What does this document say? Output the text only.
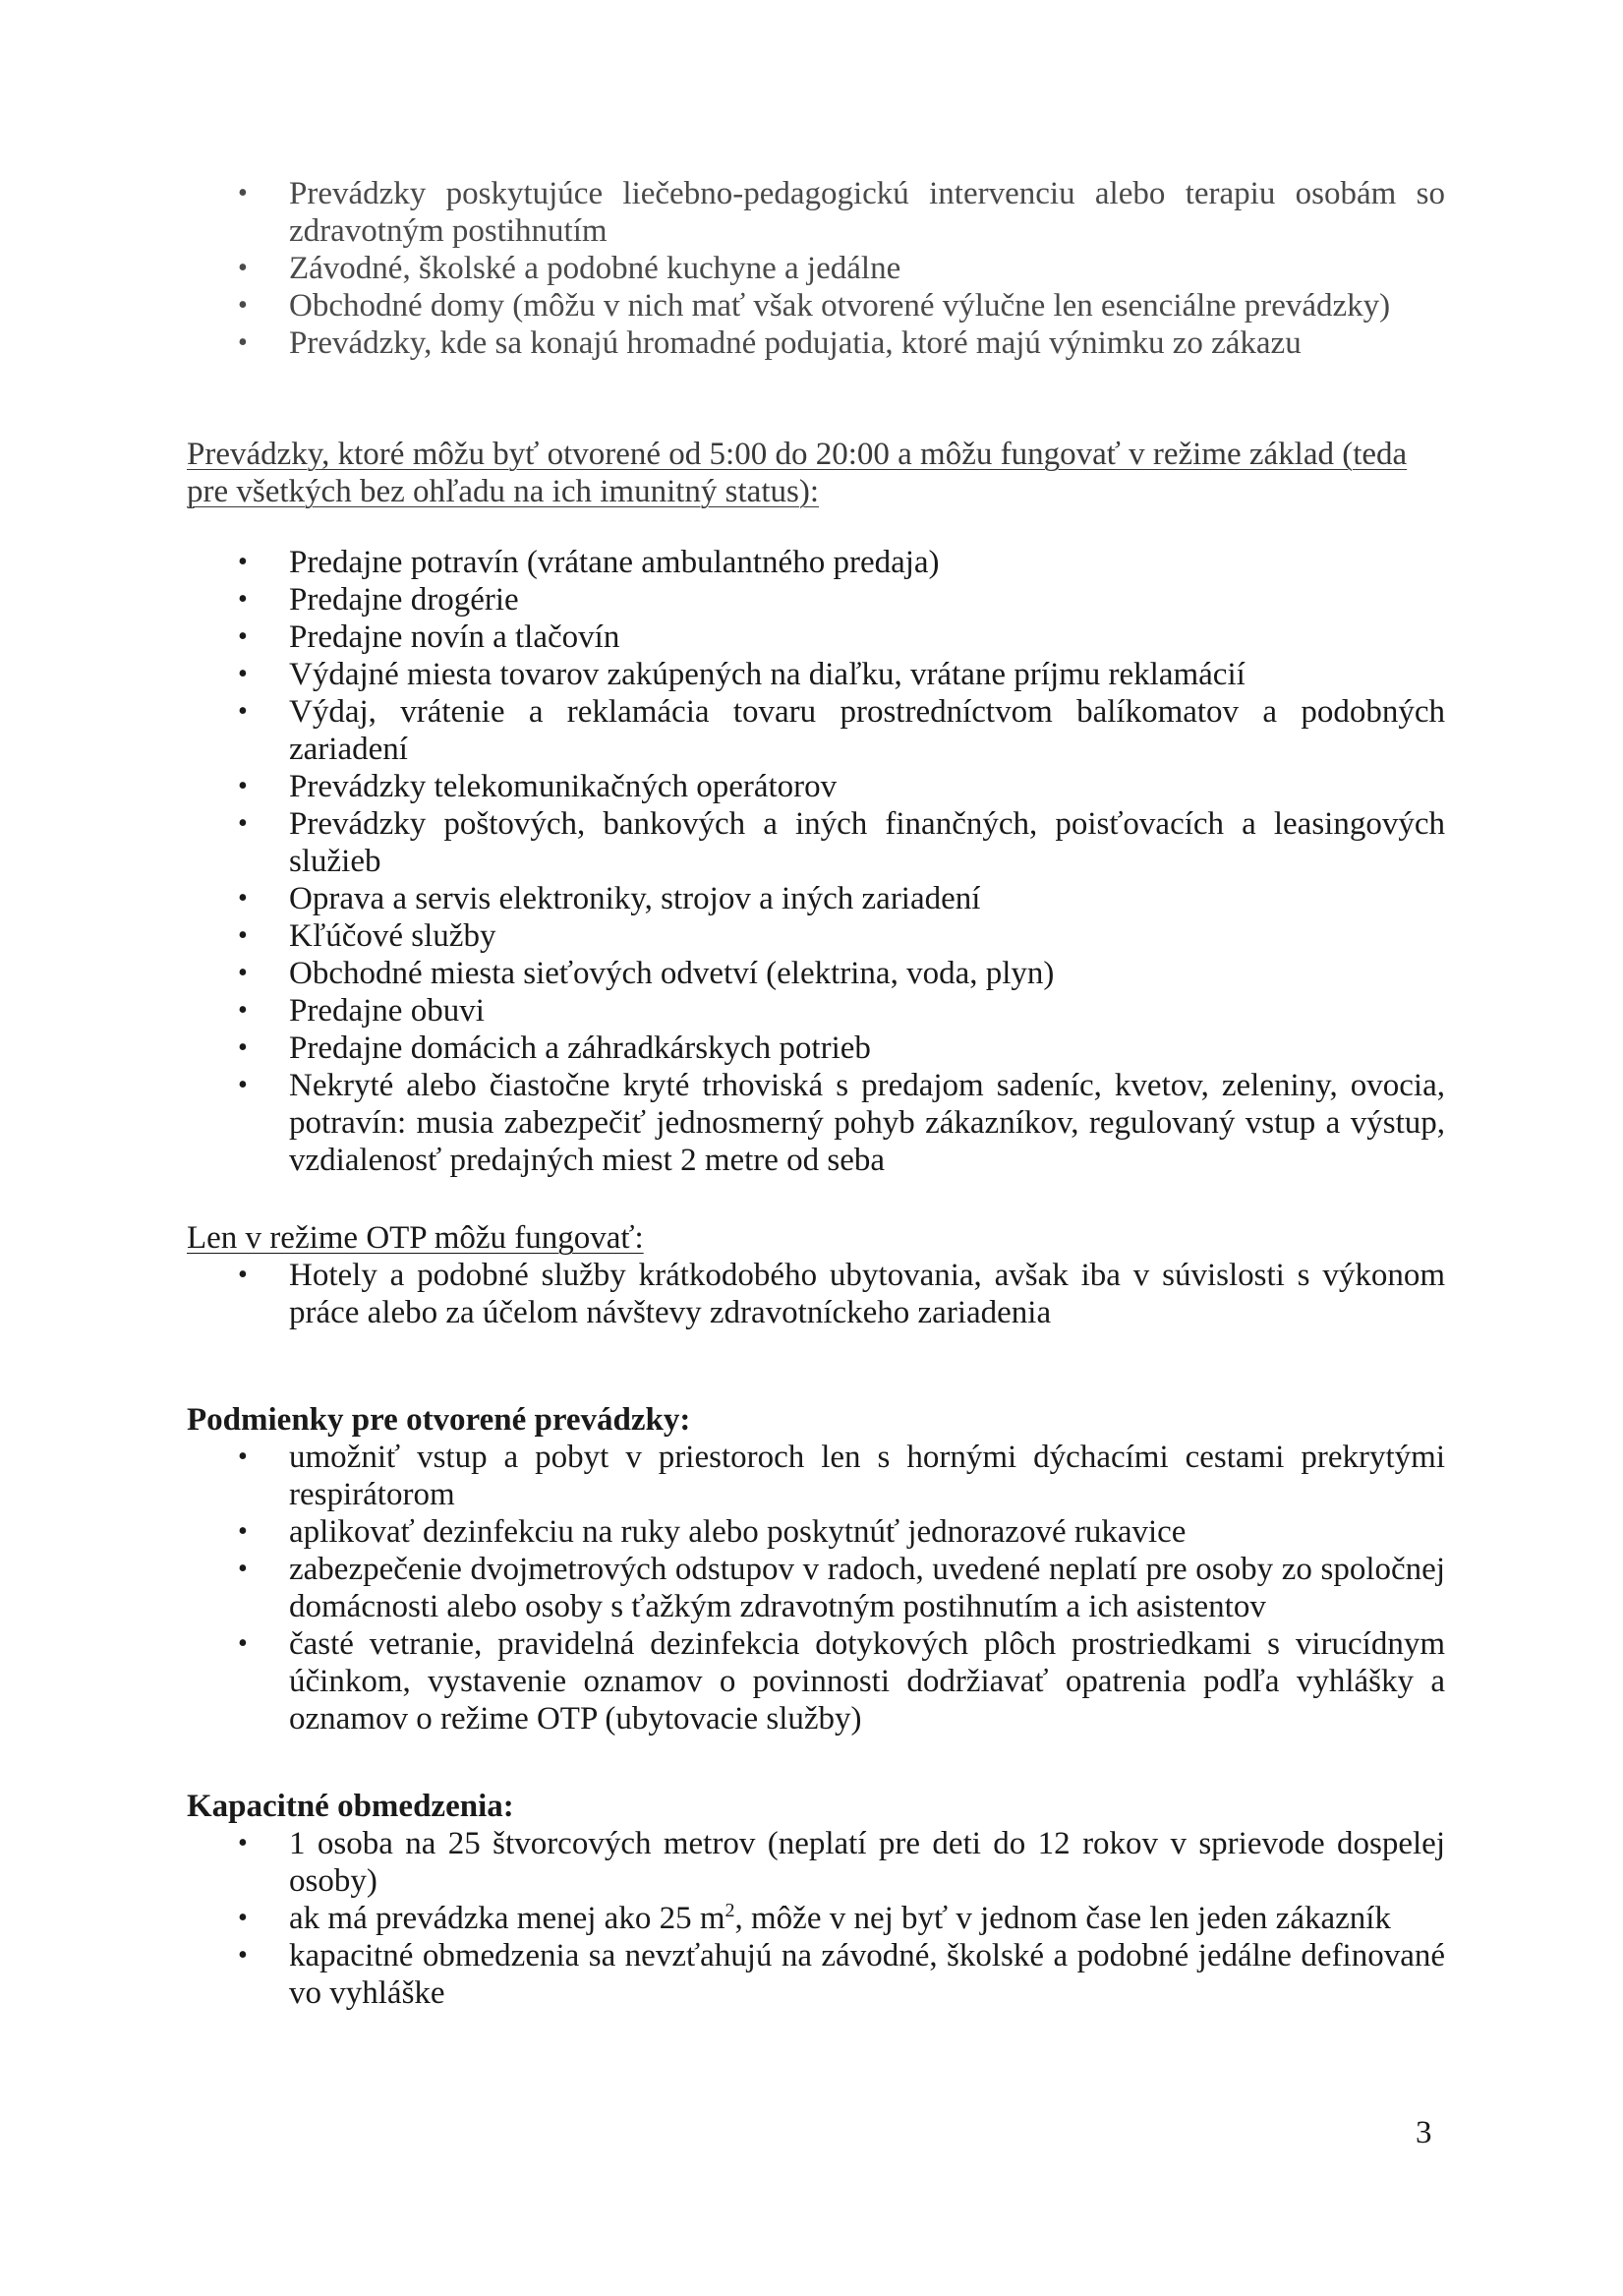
• Prevádzky poskytujúce liečebno-pedagogickú intervenciu alebo terapiu osobám so zdravotným postihnutím
• Závodné, školské a podobné kuchyne a jedálne
• Obchodné domy (môžu v nich mať však otvorené výlučne len esenciálne prevádzky)
• Prevádzky, kde sa konajú hromadné podujatia, ktoré majú výnimku zo zákazu
Prevádzky, ktoré môžu byť otvorené od 5:00 do 20:00 a môžu fungovať v režime základ (teda pre všetkých bez ohľadu na ich imunitný status):
• Predajne potravín (vrátane ambulantného predaja)
• Predajne drogérie
• Predajne novín a tlačovín
• Výdajné miesta tovarov zakúpených na diaľku, vrátane príjmu reklamácií
• Výdaj, vrátenie a reklamácia tovaru prostredníctvom balíkomatov a podobných zariadení
• Prevádzky telekomunikačných operátorov
• Prevádzky poštových, bankových a iných finančných, poisťovacích a leasingových služieb
• Oprava a servis elektroniky, strojov a iných zariadení
• Kľúčové služby
• Obchodné miesta sieťových odvetví (elektrina, voda, plyn)
• Predajne obuvi
• Predajne domácich a záhradkárskych potrieb
• Nekryté alebo čiastočne kryté trhoviská s predajom sadeníc, kvetov, zeleniny, ovocia, potravín: musia zabezpečiť jednosmerný pohyb zákazníkov, regulovaný vstup a výstup, vzdialenosť predajných miest 2 metre od seba
Len v režime OTP môžu fungovať:
• Hotely a podobné služby krátkodobého ubytovania, avšak iba v súvislosti s výkonom práce alebo za účelom návštevy zdravotníckeho zariadenia
Podmienky pre otvorené prevádzky:
• umožniť vstup a pobyt v priestoroch len s hornými dýchacími cestami prekrytými respirátorom
• aplikovať dezinfekciu na ruky alebo poskytnúť jednorazové rukavice
• zabezpečenie dvojmetrových odstupov v radoch, uvedené neplatí pre osoby zo spoločnej domácnosti alebo osoby s ťažkým zdravotným postihnutím a ich asistentov
• časté vetranie, pravidelná dezinfekcia dotykových plôch prostriedkami s virucídnym účinkom, vystavenie oznamov o povinnosti dodržiavať opatrenia podľa vyhlášky a oznamov o režime OTP (ubytovacie služby)
Kapacitné obmedzenia:
• 1 osoba na 25 štvorcových metrov (neplatí pre deti do 12 rokov v sprievode dospelej osoby)
• ak má prevádzka menej ako 25 $m^2$, môže v nej byť v jednom čase len jeden zákazník
• kapacitné obmedzenia sa nevzťahujú na závodné, školské a podobné jedálne definované vo vyhláške
3
